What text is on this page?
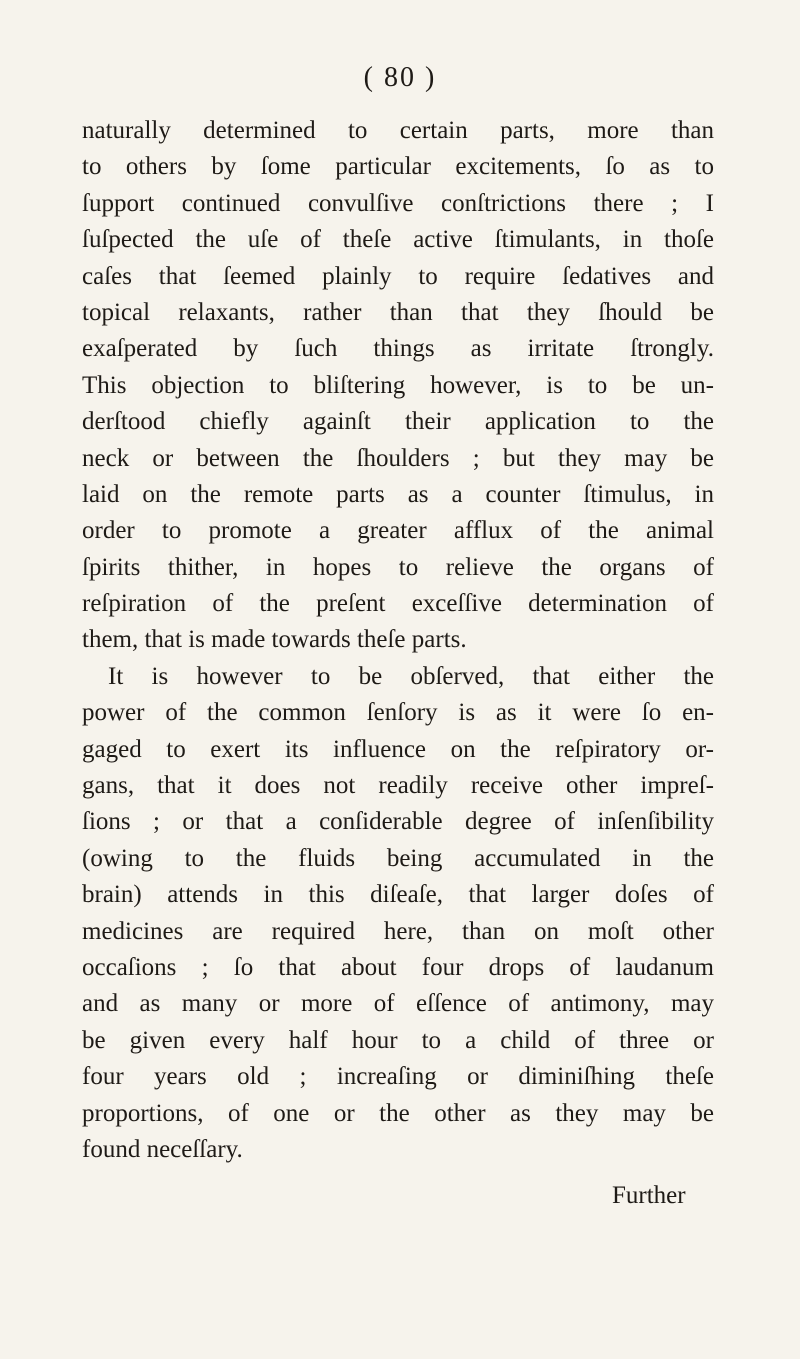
( 80 )
naturally determined to certain parts, more than
to others by ſome particular excitements, ſo as to
ſupport continued convulſive conſtrictions there ; I
ſuſpected the uſe of theſe active ſtimulants, in thoſe
caſes that ſeemed plainly to require ſedatives and
topical relaxants, rather than that they ſhould be
exaſperated by ſuch things as irritate ſtrongly.
This objection to bliſtering however, is to be un-
derſtood chiefly againſt their application to the
neck or between the ſhoulders ; but they may be
laid on the remote parts as a counter ſtimulus, in
order to promote a greater afflux of the animal
ſpirits thither, in hopes to relieve the organs of
reſpiration of the preſent exceſſive determination of
them, that is made towards theſe parts.
It is however to be obſerved, that either the
power of the common ſenſory is as it were ſo en-
gaged to exert its influence on the reſpiratory or-
gans, that it does not readily receive other impreſ-
ſions ; or that a conſiderable degree of inſenſibility
(owing to the fluids being accumulated in the
brain) attends in this diſeaſe, that larger doſes of
medicines are required here, than on moſt other
occaſions ; ſo that about four drops of laudanum
and as many or more of eſſence of antimony, may
be given every half hour to a child of three or
four years old ; increaſing or diminiſhing theſe
proportions, of one or the other as they may be
found neceſſary.
Further
